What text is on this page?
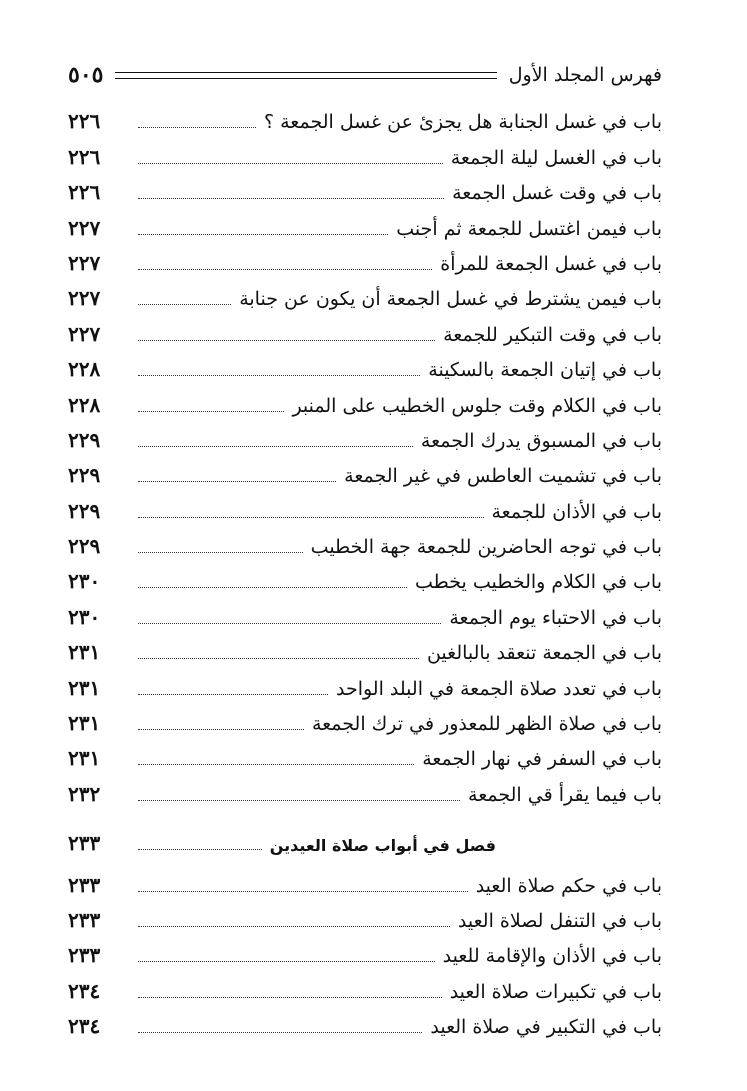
فهرس المجلد الأول
٥٠٥
باب في غسل الجنابة هل يجزئ عن غسل الجمعة ؟
٢٢٦
باب في الغسل ليلة الجمعة
٢٢٦
باب في وقت غسل الجمعة
٢٢٦
باب فيمن اغتسل للجمعة ثم أجنب
٢٢٧
باب في غسل الجمعة للمرأة
٢٢٧
باب فيمن يشترط في غسل الجمعة أن يكون عن جنابة
٢٢٧
باب في وقت التبكير للجمعة
٢٢٧
باب في إتيان الجمعة بالسكينة
٢٢٨
باب في الكلام وقت جلوس الخطيب على المنبر
٢٢٨
باب في المسبوق يدرك الجمعة
٢٢٩
باب في تشميت العاطس في غير الجمعة
٢٢٩
باب في الأذان للجمعة
٢٢٩
باب في توجه الحاضرين للجمعة جهة الخطيب
٢٢٩
باب في الكلام والخطيب يخطب
٢٣٠
باب في الاحتباء يوم الجمعة
٢٣٠
باب في الجمعة تنعقد بالبالغين
٢٣١
باب في تعدد صلاة الجمعة في البلد الواحد
٢٣١
باب في صلاة الظهر للمعذور في ترك الجمعة
٢٣١
باب في السفر في نهار الجمعة
٢٣١
باب فيما يقرأ قي الجمعة
٢٣٢
فصل في أبواب صلاة العيدين
٢٣٣
باب في حكم صلاة العيد
٢٣٣
باب في التنفل لصلاة العيد
٢٣٣
باب في الأذان والإقامة للعيد
٢٣٣
باب في تكبيرات صلاة العيد
٢٣٤
باب في التكبير في صلاة العيد
٢٣٤
